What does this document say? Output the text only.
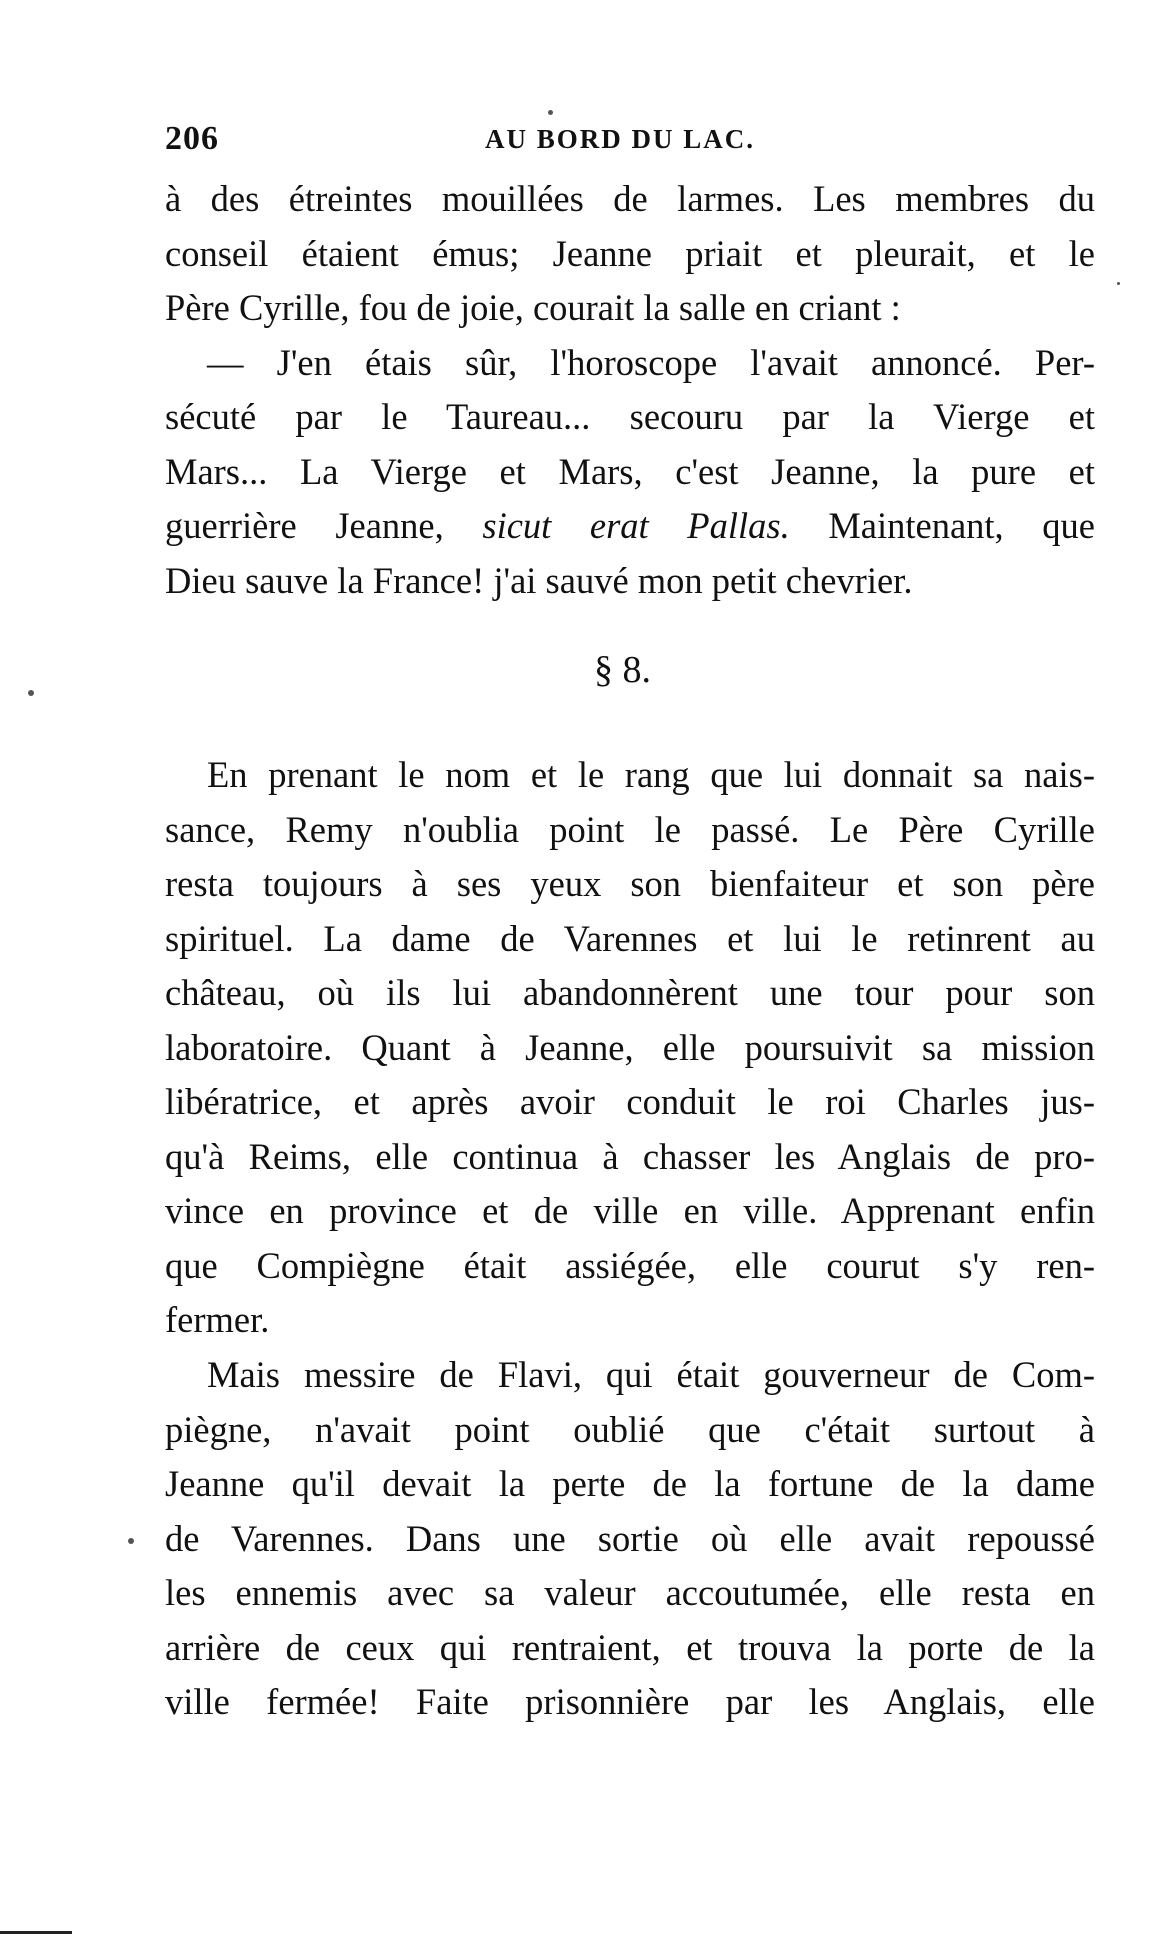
206	AU BORD DU LAC.
à des étreintes mouillées de larmes. Les membres du
conseil étaient émus; Jeanne priait et pleurait, et le
Père Cyrille, fou de joie, courait la salle en criant :
— J'en étais sûr, l'horoscope l'avait annoncé. Per-
sécuté par le Taureau... secouru par la Vierge et
Mars... La Vierge et Mars, c'est Jeanne, la pure et
guerrière Jeanne, sicut erat Pallas. Maintenant, que
Dieu sauve la France! j'ai sauvé mon petit chevrier.
§ 8.
En prenant le nom et le rang que lui donnait sa nais-
sance, Remy n'oublia point le passé. Le Père Cyrille
resta toujours à ses yeux son bienfaiteur et son père
spirituel. La dame de Varennes et lui le retinrent au
château, où ils lui abandonnèrent une tour pour son
laboratoire. Quant à Jeanne, elle poursuivit sa mission
libératrice, et après avoir conduit le roi Charles jus-
qu'à Reims, elle continua à chasser les Anglais de pro-
vince en province et de ville en ville. Apprenant enfin
que Compiègne était assiégée, elle courut s'y ren-
fermer.
Mais messire de Flavi, qui était gouverneur de Com-
piègne, n'avait point oublié que c'était surtout à
Jeanne qu'il devait la perte de la fortune de la dame
de Varennes. Dans une sortie où elle avait repoussé
les ennemis avec sa valeur accoutumée, elle resta en
arrière de ceux qui rentraient, et trouva la porte de la
ville fermée! Faite prisonnière par les Anglais, elle
